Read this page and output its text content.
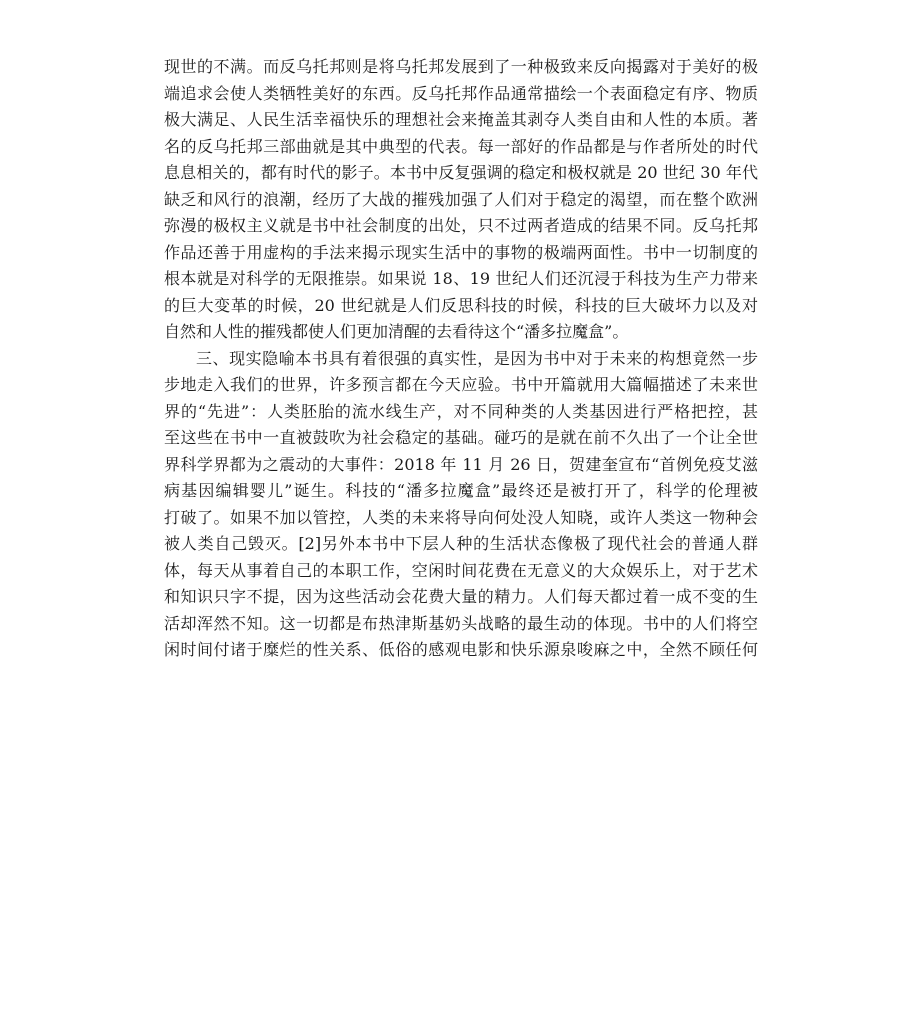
现世的不满。而反乌托邦则是将乌托邦发展到了一种极致来反向揭露对于美好的极
端追求会使人类牺牲美好的东西。反乌托邦作品通常描绘一个表面稳定有序、物质
极大满足、人民生活幸福快乐的理想社会来掩盖其剥夺人类自由和人性的本质。著
名的反乌托邦三部曲就是其中典型的代表。每一部好的作品都是与作者所处的时代
息息相关的，都有时代的影子。本书中反复强调的稳定和极权就是 20 世纪 30 年代
缺乏和风行的浪潮，经历了大战的摧残加强了人们对于稳定的渴望，而在整个欧洲
弥漫的极权主义就是书中社会制度的出处，只不过两者造成的结果不同。反乌托邦
作品还善于用虚构的手法来揭示现实生活中的事物的极端两面性。书中一切制度的
根本就是对科学的无限推崇。如果说 18、19 世纪人们还沉浸于科技为生产力带来
的巨大变革的时候，20 世纪就是人们反思科技的时候，科技的巨大破坏力以及对
自然和人性的摧残都使人们更加清醒的去看待这个“潘多拉魔盒”。
三、现实隐喻本书具有着很强的真实性，是因为书中对于未来的构想竟然一步
步地走入我们的世界，许多预言都在今天应验。书中开篇就用大篇幅描述了未来世
界的“先进”：人类胚胎的流水线生产，对不同种类的人类基因进行严格把控，甚
至这些在书中一直被鼓吹为社会稳定的基础。碰巧的是就在前不久出了一个让全世
界科学界都为之震动的大事件：2018 年 11 月 26 日，贺建奎宣布“首例免疫艾滋
病基因编辑婴儿”诞生。科技的“潘多拉魔盒”最终还是被打开了，科学的伦理被
打破了。如果不加以管控，人类的未来将导向何处没人知晓，或许人类这一物种会
被人类自己毁灭。[2]另外本书中下层人种的生活状态像极了现代社会的普通人群
体，每天从事着自己的本职工作，空闲时间花费在无意义的大众娱乐上，对于艺术
和知识只字不提，因为这些活动会花费大量的精力。人们每天都过着一成不变的生
活却浑然不知。这一切都是布热津斯基奶头战略的最生动的体现。书中的人们将空
闲时间付诸于糜烂的性关系、低俗的感观电影和快乐源泉唆麻之中，全然不顾任何
